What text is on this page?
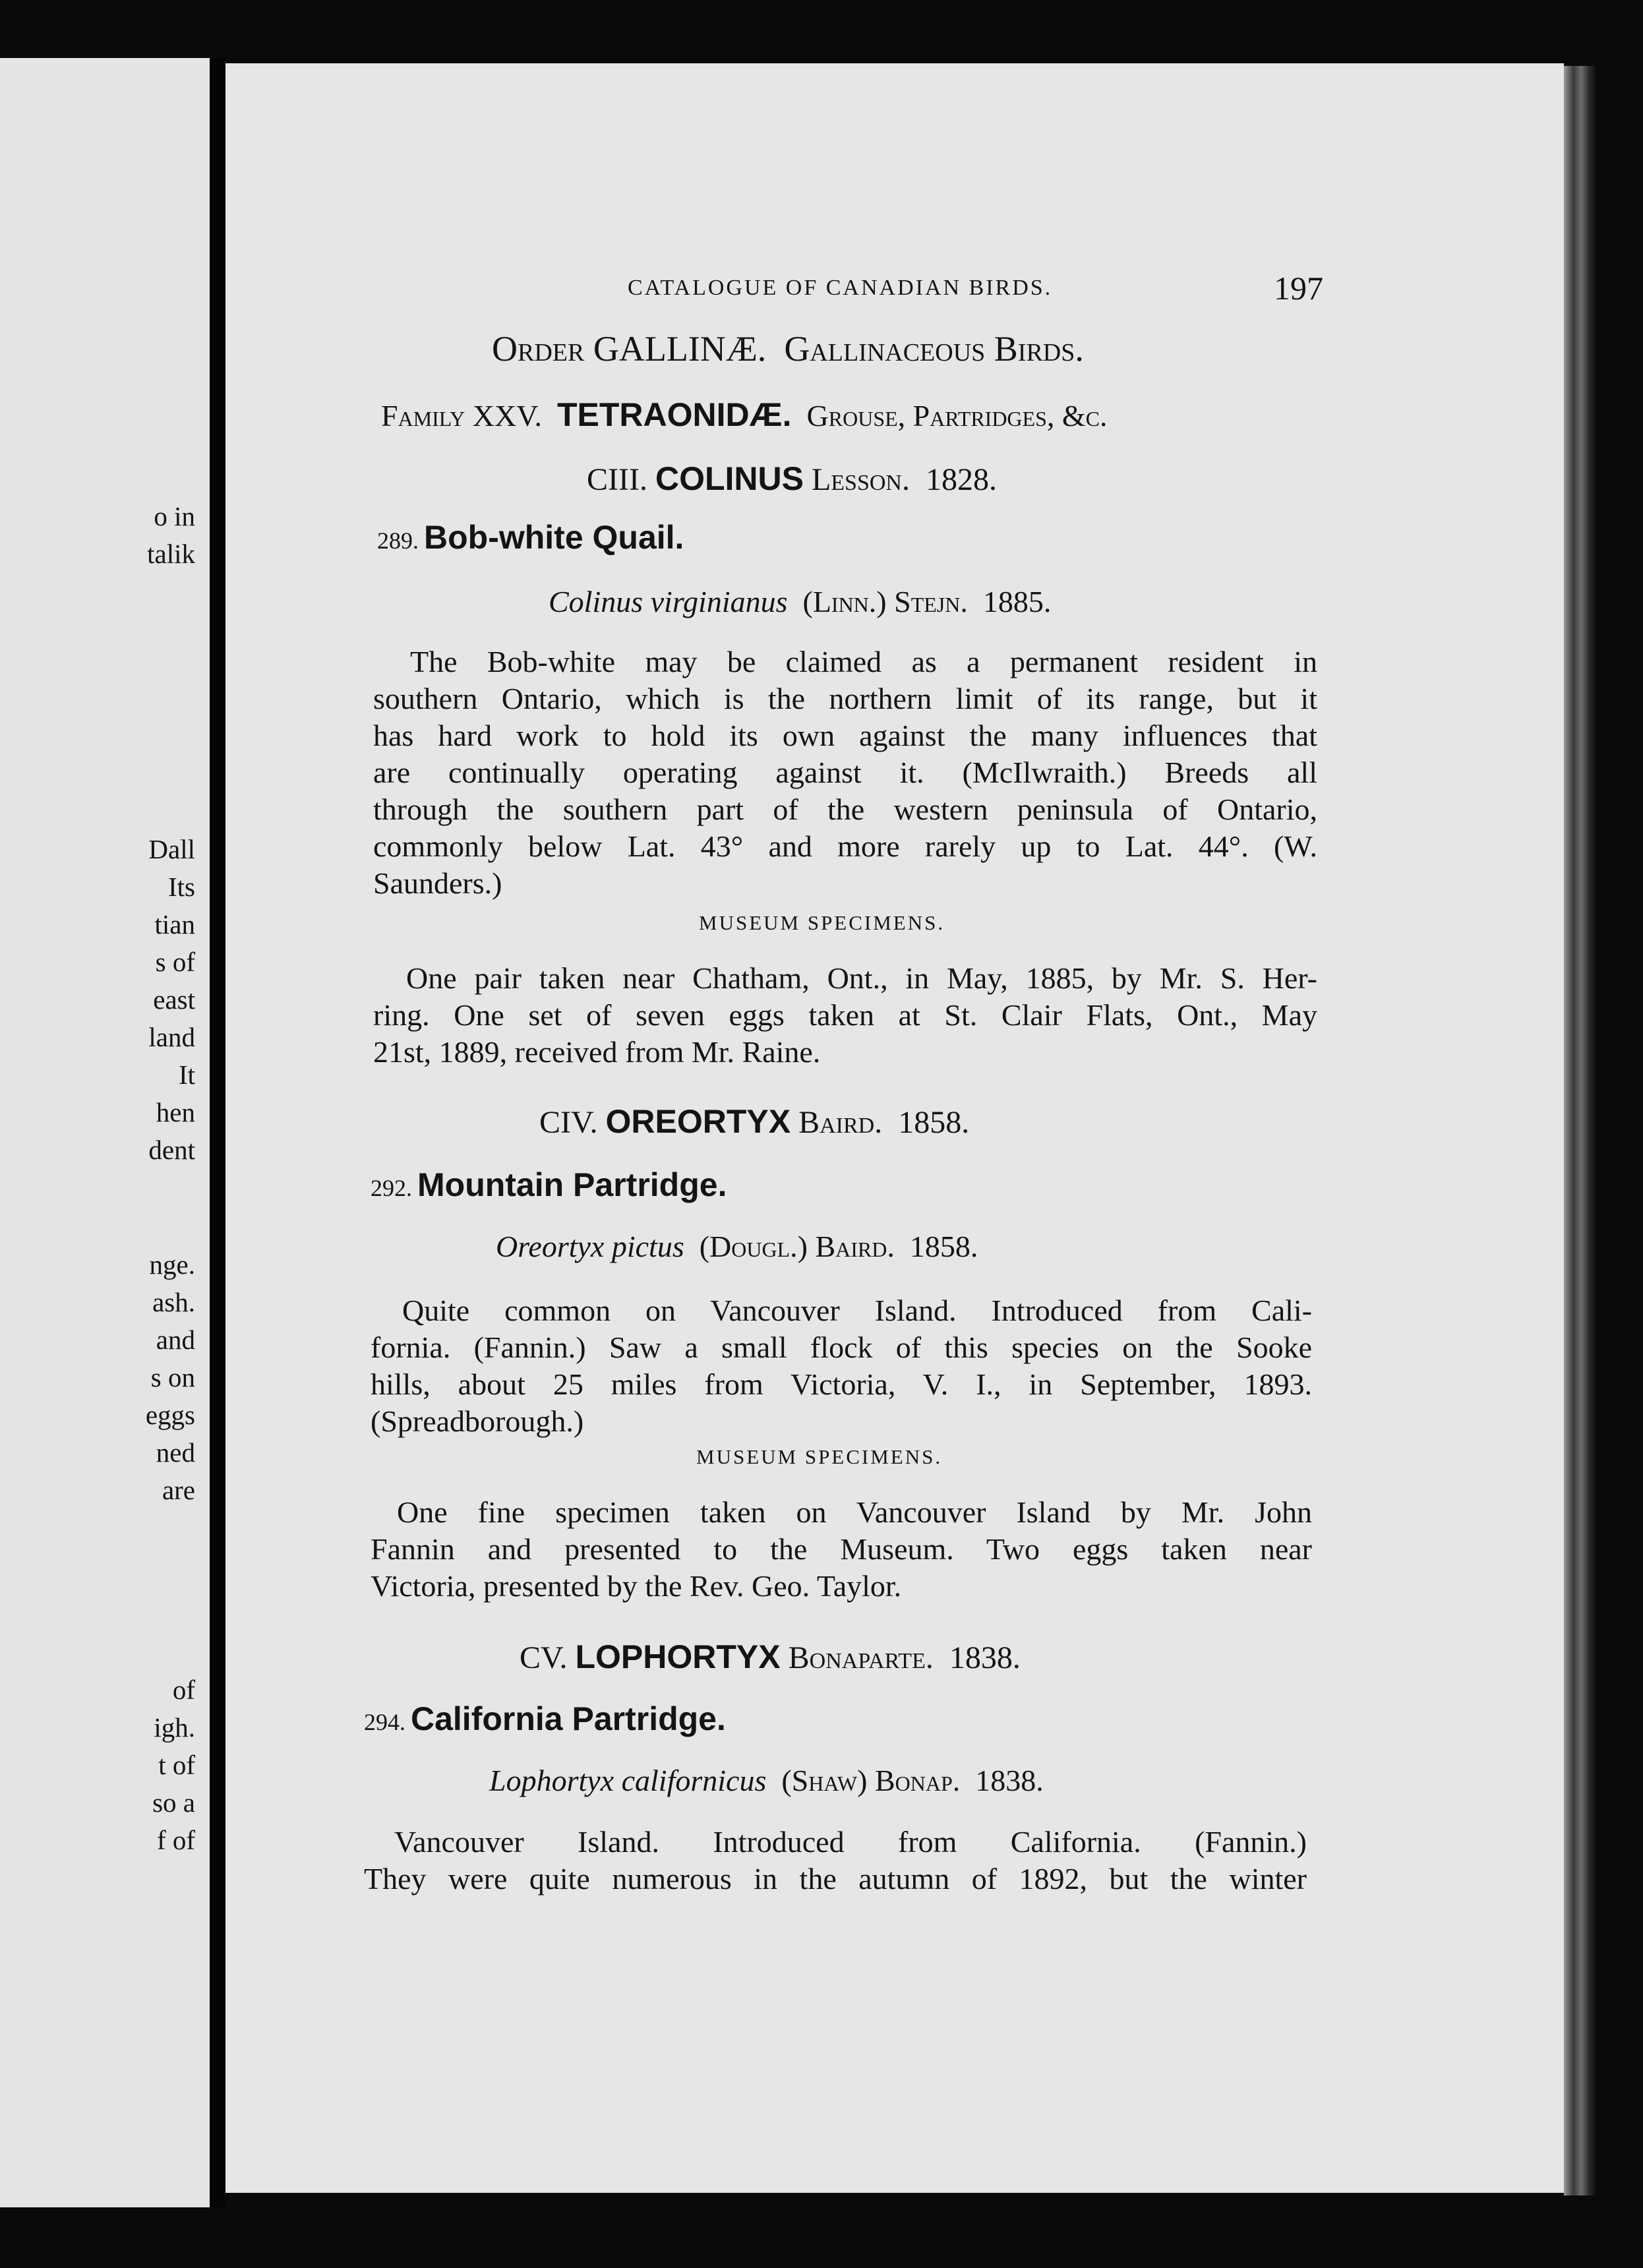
o in
talik
Dall
Its
tian
s of
east
land
It
hen
dent
nge.
ash.
and
s on
eggs
ned
are
of
igh.
t of
so a
f of
CATALOGUE OF CANADIAN BIRDS.	197
Order GALLINÆ. Gallinaceous Birds.
Family XXV. TETRAONIDÆ. Grouse, Partridges, &c.
CIII. COLINUS Lesson. 1828.
289. Bob-white Quail.
Colinus virginianus (Linn.) Stejn. 1885.
The Bob-white may be claimed as a permanent resident in
southern Ontario, which is the northern limit of its range, but it
has hard work to hold its own against the many influences that
are continually operating against it. (McIlwraith.) Breeds all
through the southern part of the western peninsula of Ontario,
commonly below Lat. 43° and more rarely up to Lat. 44°. (W.
Saunders.)
MUSEUM SPECIMENS.
One pair taken near Chatham, Ont., in May, 1885, by Mr. S. Her-
ring. One set of seven eggs taken at St. Clair Flats, Ont., May
21st, 1889, received from Mr. Raine.
CIV. OREORTYX Baird. 1858.
292. Mountain Partridge.
Oreortyx pictus (Dougl.) Baird. 1858.
Quite common on Vancouver Island. Introduced from Cali-
fornia. (Fannin.) Saw a small flock of this species on the Sooke
hills, about 25 miles from Victoria, V. I., in September, 1893.
(Spreadborough.)
MUSEUM SPECIMENS.
One fine specimen taken on Vancouver Island by Mr. John
Fannin and presented to the Museum. Two eggs taken near
Victoria, presented by the Rev. Geo. Taylor.
CV. LOPHORTYX Bonaparte. 1838.
294. California Partridge.
Lophortyx californicus (Shaw) Bonap. 1838.
Vancouver Island. Introduced from California. (Fannin.)
They were quite numerous in the autumn of 1892, but the winter
